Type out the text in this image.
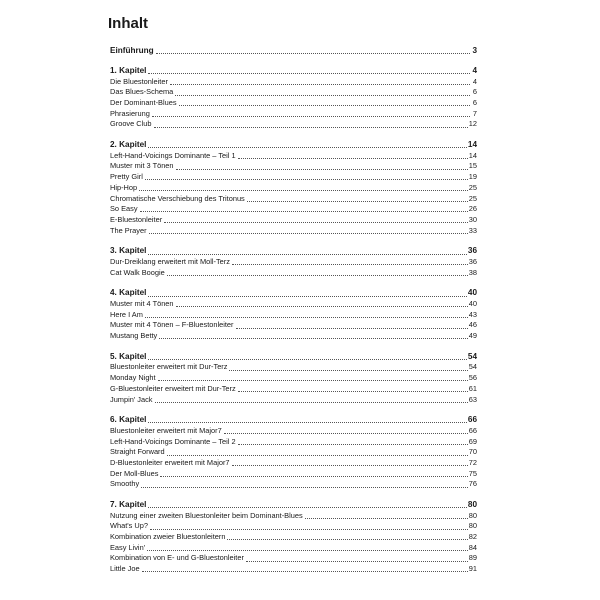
Inhalt
Einführung	3
1. Kapitel	4
Die Bluestonleiter	4
Das Blues-Schema	6
Der Dominant-Blues	6
Phrasierung	7
Groove Club	12
2. Kapitel	14
Left-Hand-Voicings Dominante – Teil 1	14
Muster mit 3 Tönen	15
Pretty Girl	19
Hip-Hop	25
Chromatische Verschiebung des Tritonus	25
So Easy	26
E-Bluestonleiter	30
The Prayer	33
3. Kapitel	36
Dur-Dreiklang erweitert mit Moll-Terz	36
Cat Walk Boogie	38
4. Kapitel	40
Muster mit 4 Tönen	40
Here I Am	43
Muster mit 4 Tönen – F-Bluestonleiter	46
Mustang Betty	49
5. Kapitel	54
Bluestonleiter erweitert mit Dur-Terz	54
Monday Night	56
G-Bluestonleiter erweitert mit Dur-Terz	61
Jumpin' Jack	63
6. Kapitel	66
Bluestonleiter erweitert mit Major7	66
Left-Hand-Voicings Dominante – Teil 2	69
Straight Forward	70
D-Bluestonleiter erweitert mit Major7	72
Der Moll-Blues	75
Smoothy	76
7. Kapitel	80
Nutzung einer zweiten Bluestonleiter beim Dominant-Blues	80
What's Up?	80
Kombination zweier Bluestonleitern	82
Easy Livin'	84
Kombination von E- und G-Bluestonleiter	89
Little Joe	91
